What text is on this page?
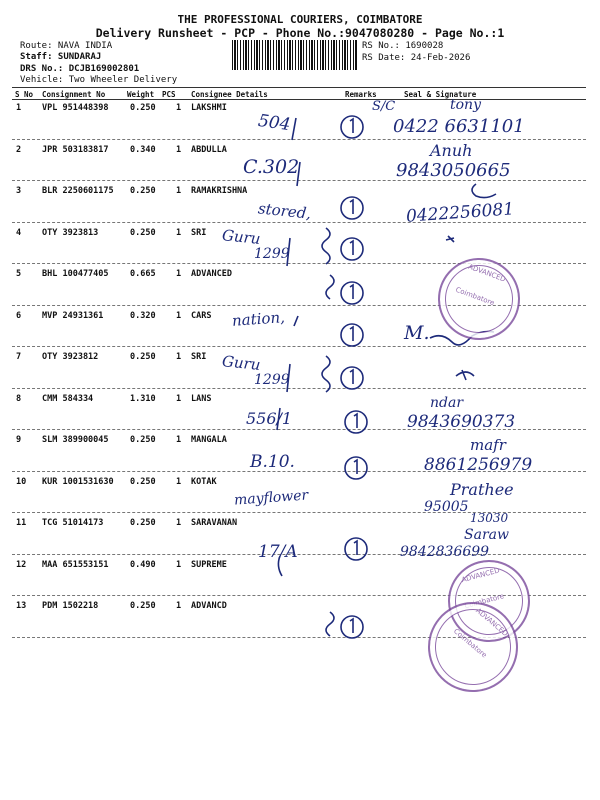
THE PROFESSIONAL COURIERS, COIMBATORE
Delivery Runsheet - PCP - Phone No.:9047080280 - Page No.:1
Route: NAVA INDIA
Staff: SUNDARAJ
DRS No.: DCJB169002801
Vehicle: Two Wheeler Delivery
RS No.: 1690028
RS Date: 24-Feb-2026
S No Consignment No	Weight PCS Consignee Details	Remarks	Seal & Signature
1 VPL 951448398	0.250 1 LAKSHMI
2 JPR 503183817	0.340 1 ABDULLA
3 BLR 2250601175 0.250 1 RAMAKRISHNA
4 OTY 3923813	0.250 1 SRI
5 BHL 100477405	0.665 1 ADVANCED
6 MVP 24931361	0.320 1 CARS
7 OTY 3923812	0.250 1 SRI
8 CMM 584334	1.310 1 LANS
9 SLM 389900045	0.250 1 MANGALA
10 KUR 1001531630 0.250 1 KOTAK
11 TCG 51014173	0.250 1 SARAVANAN
12 MAA 651553151	0.490 1 SUPREME
13 PDM 1502218	0.250 1 ADVANCD
504
S/C	tony
0422 6631101
C.302
Anuh
9843050665
stored,	0422256081
Guru
1299
nation,
M.
Guru
1299
556/1
ndar
9843690373
B.10.
mafr
8861256979
mayflower	Prathee
95005
13030
17/A
Saraw
9842836699
ADVANCED
Coimbatore
ADVANCED
Coimbatore
ADVANCED
Coimbatore
